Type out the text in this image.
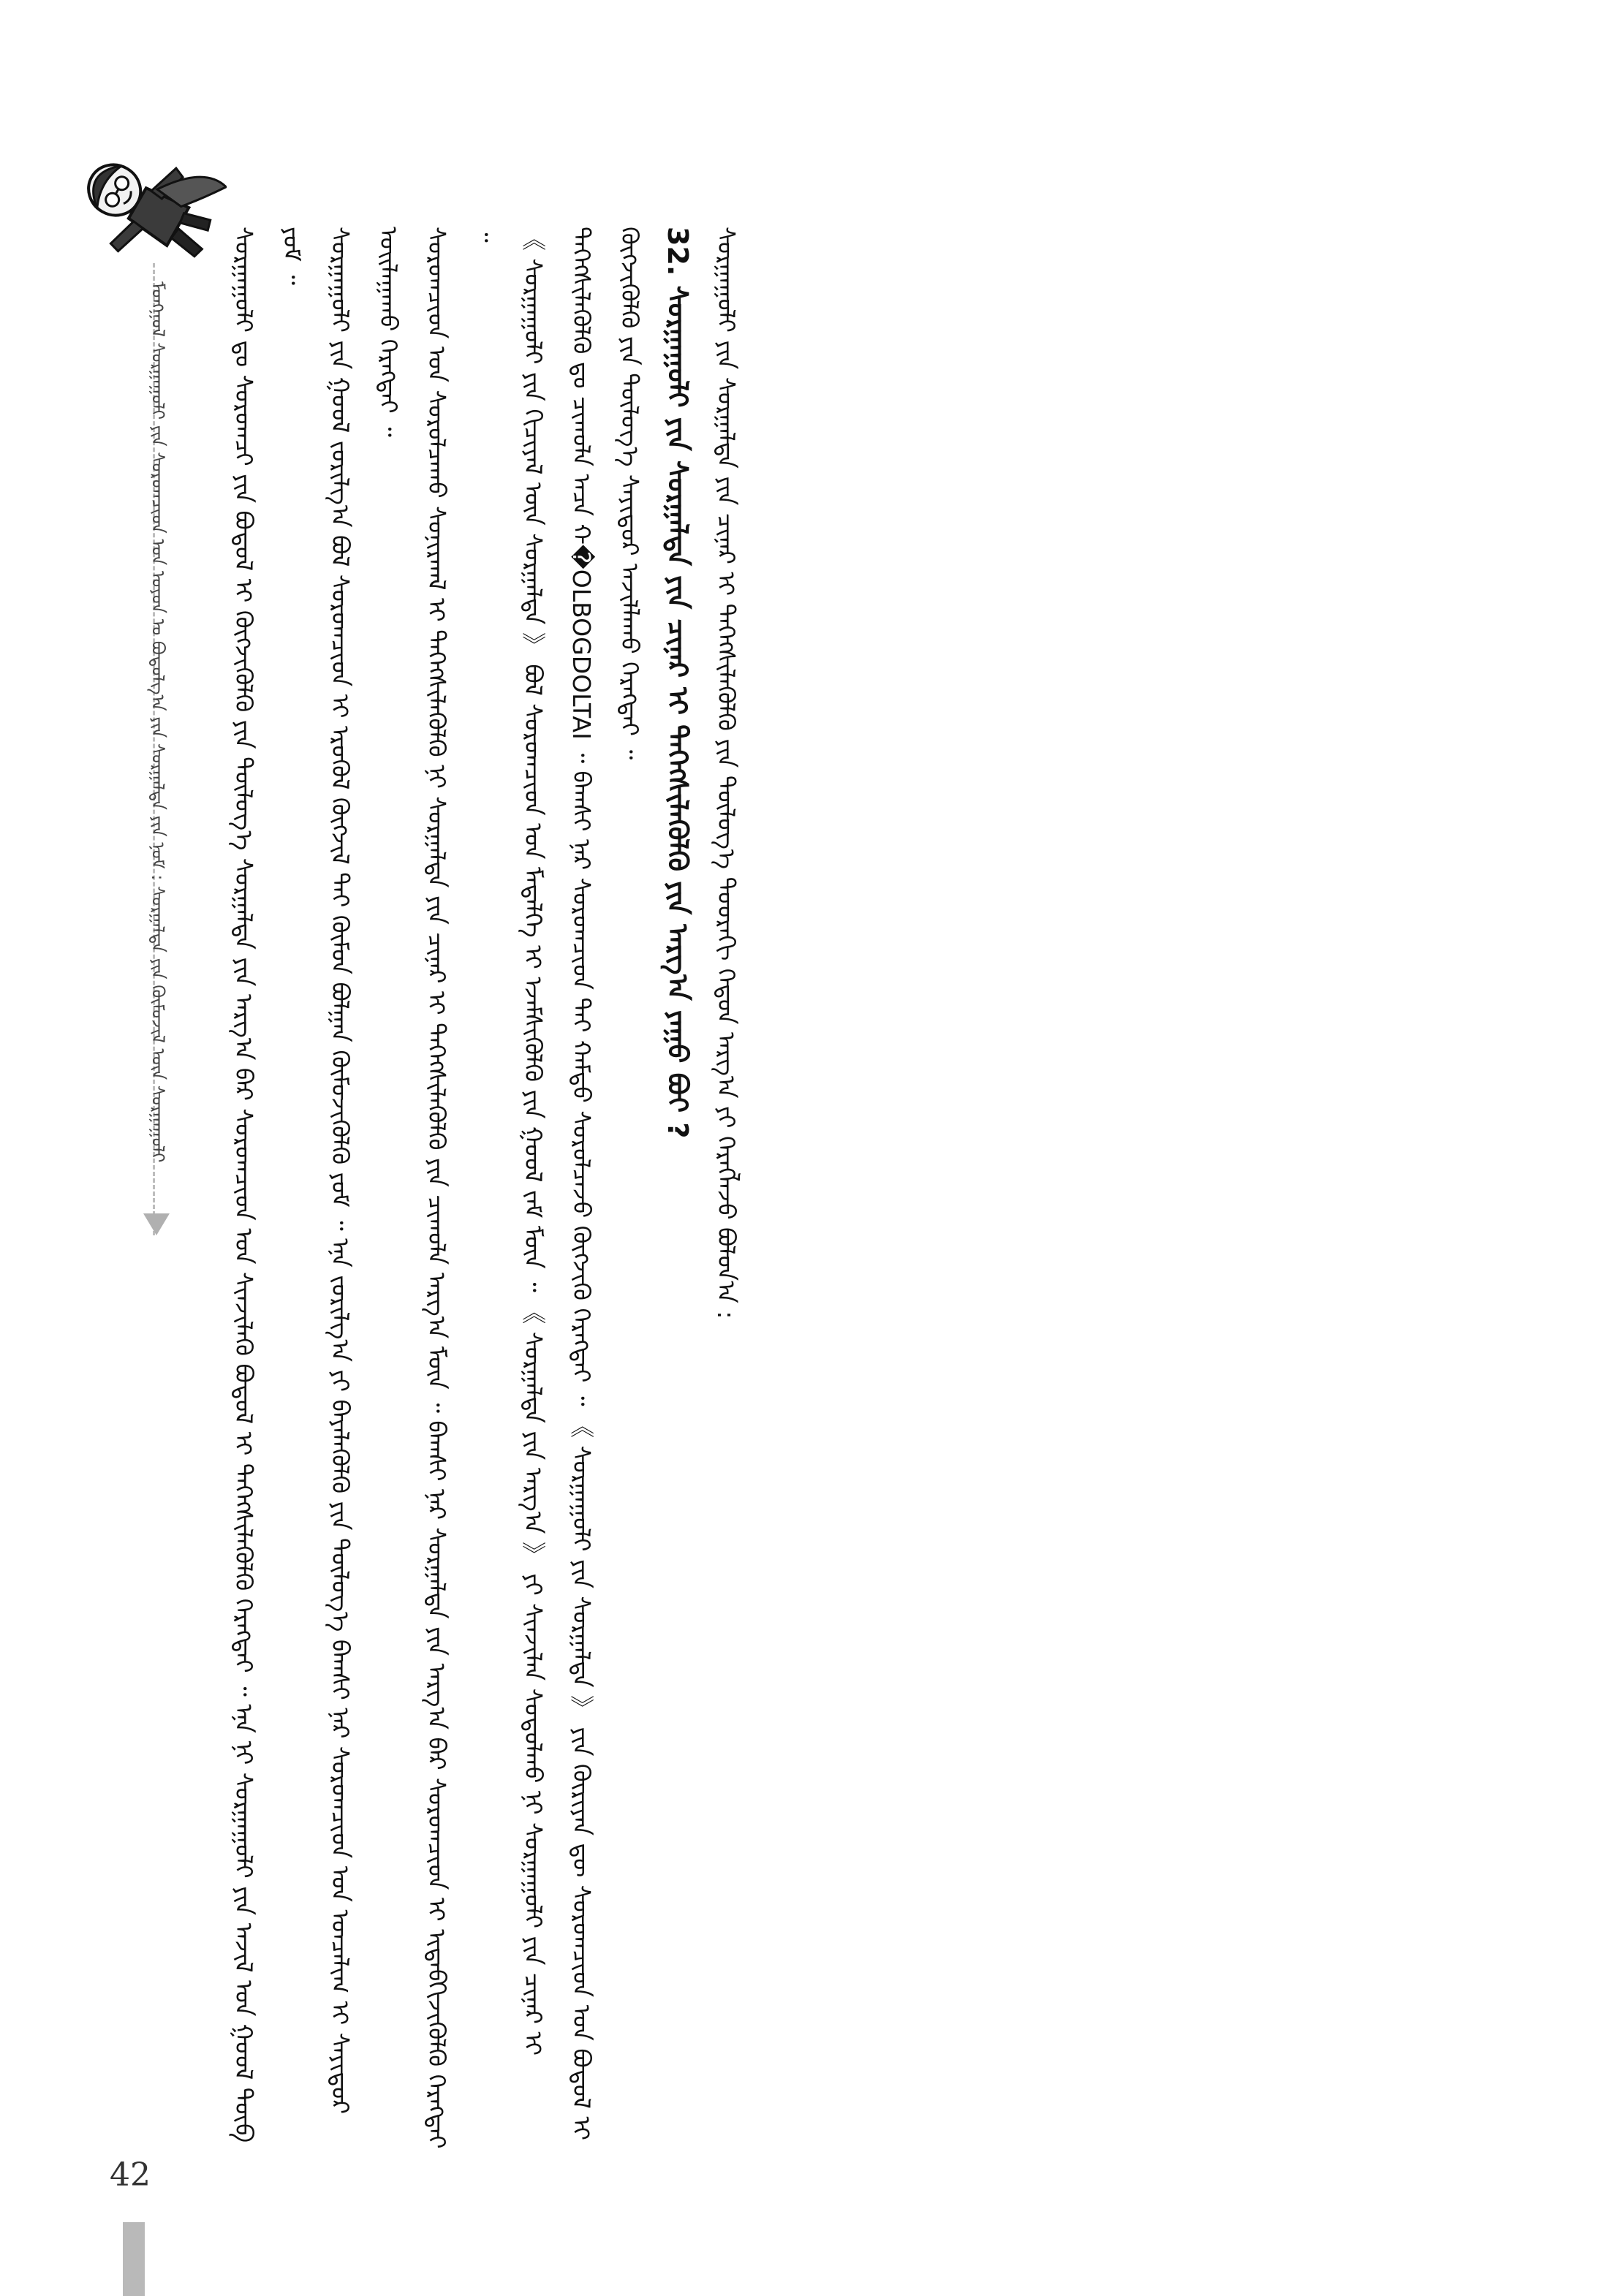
ᠮᠣᠩᠭᠣᠯ ᠰᠤᠷᠭᠠᠭᠤᠯᠢ ᠶᠢᠨ ᠰᠤᠷᠤᠭᠴᠢᠳ ᠤᠨ ᠣᠶᠤᠨ ᠤ ᠪᠣᠳᠤᠯᠭ᠎ᠠ ᠶᠢᠨ ᠰᠤᠷᠭᠠᠯᠲᠠ ᠶᠢᠨ ᠨᠣᠮ : ᠰᠤᠷᠭᠠᠯᠲᠠ ᠶᠢᠨ ᠬᠦᠮᠦᠵᠢᠯ ᠦᠨ ᠰᠤᠷᠭᠠᠭᠤᠯᠢ	ᠰᠤᠷᠭᠠᠭᠤᠯᠢ ᠳᠤ ᠰᠤᠷᠤᠭᠴᠢ ᠶᠢᠨ ᠪᠣᠳᠤᠯ ᠢ ᠬᠥᠭᠵᠢᠭᠦᠯᠬᠦ ᠶᠢᠨ ᠲᠥᠯᠥᠭ᠎ᠡ ᠰᠤᠷᠭᠠᠯᠲᠠ ᠶᠢᠨ ᠠᠷᠭ᠎ᠠ ᠪᠠᠷ ᠰᠤᠷᠤᠭᠴᠢᠳ ᠤᠨ ᠰᠢᠨᠵᠢᠯᠡᠬᠦ ᠪᠣᠳᠤᠯ ᠢ ᠳᠡᠭᠡᠭᠰᠢᠯᠡᠭᠦᠯᠬᠦ ᠬᠡᠷᠡᠭᠲᠡᠶ ᠃ ᠡᠨᠡ ᠨᠢ ᠰᠤᠷᠭᠠᠭᠤᠯᠢ ᠶᠢᠨ ᠠᠵᠢᠯ ᠤᠨ ᠭᠣᠣᠯ ᠲᠥᠪ ᠶᠤᠮ ᠃ ᠰᠤᠷᠭᠠᠭᠤᠯᠢ ᠶᠢᠨ ᠭᠣᠣᠯ ᠵᠣᠷᠢᠯᠭ᠎ᠠ ᠪᠣᠯ ᠰᠤᠷᠤᠭᠴᠢᠳ ᠢ ᠡᠷᠦᠭᠦᠯ ᠬᠥᠭᠵᠢᠯ ᠲᠡᠢ ᠬᠦᠮᠦᠨ ᠪᠣᠯᠭᠠᠨ ᠬᠥᠮᠦᠵᠢᠭᠦᠯᠬᠦ ᠶᠤᠮ ᠃ ᠡᠨᠡ ᠵᠣᠷᠢᠯᠭ᠎ᠠ ᠶᠢ ᠪᠡᠶᠡᠯᠡᠭᠦᠯᠬᠦ ᠶᠢᠨ ᠲᠥᠯᠥᠭ᠎ᠡ ᠪᠠᠭᠰᠢ ᠨᠠᠷ ᠰᠤᠷᠤᠭᠴᠢᠳ ᠤᠨ ᠣᠨᠴᠠᠯᠢᠭ ᠢ ᠰᠠᠶᠢᠲᠤᠷ ᠣᠢᠯᠠᠭᠠᠬᠤ ᠬᠡᠷᠡᠭᠲᠡᠶ ᠃ ᠰᠤᠷᠤᠭᠴᠢᠳ ᠤᠨ ᠰᠤᠷᠤᠯᠴᠠᠬᠤ ᠰᠣᠨᠢᠷᠬᠠᠯ ᠢ ᠳᠡᠭᠡᠭᠰᠢᠯᠡᠭᠦᠯᠬᠦ ᠨᠢ ᠰᠤᠷᠭᠠᠯᠲᠠ ᠶᠢᠨ ᠴᠢᠨᠠᠷ ᠢ ᠳᠡᠭᠡᠭᠰᠢᠯᠡᠭᠦᠯᠬᠦ ᠶᠢᠨ ᠴᠢᠬᠤᠯᠠ ᠠᠷᠭ᠎ᠠ ᠮᠥᠨ ᠃ ᠪᠠᠭᠰᠢ ᠨᠠᠷ ᠰᠤᠷᠭᠠᠯᠲᠠ ᠶᠢᠨ ᠠᠷᠭ᠎ᠠ ᠪᠠᠷ ᠰᠤᠷᠤᠭᠴᠢᠳ ᠢ ᠢᠳᠡᠪᠬᠢᠵᠢᠭᠦᠯᠬᠦ ᠬᠡᠷᠡᠭᠲᠡᠶ ᠃ 《 ᠰᠤᠷᠭᠠᠭᠤᠯᠢ ᠶᠢᠨ ᠬᠢᠴᠢᠶᠡᠯ ᠦᠨ ᠰᠤᠷᠭᠠᠯᠲᠠ 》 ᠪᠣᠯ ᠰᠤᠷᠤᠭᠴᠢᠳ ᠤᠨ ᠮᠡᠳᠡᠯᠭᠡ ᠢ ᠡᠵᠡᠮᠰᠢᠭᠦᠯᠬᠦ ᠶᠢᠨ ᠭᠣᠣᠯ ᠵᠠᠮ ᠮᠥᠨ ᠃ 《 ᠰᠤᠷᠭᠠᠯᠲᠠ ᠶᠢᠨ ᠠᠷᠭ᠎ᠠ 》 ᠶᠢ ᠰᠢᠨᠵᠢᠯᠡᠨ ᠰᠤᠳᠤᠯᠬᠤ ᠨᠢ ᠰᠤᠷᠭᠠᠭᠤᠯᠢ ᠶᠢᠨ ᠴᠢᠨᠠᠷ ᠢ ᠳᠡᠭᠡᠭᠰᠢᠯᠡᠭᠦᠯᠬᠦ ᠳᠤ ᠴᠢᠬᠤᠯᠠ ᠠᠴᠠ ᠬ�OLBOGDOLTAI ᠃ ᠪᠠᠭᠰᠢ ᠨᠠᠷ ᠰᠤᠷᠤᠭᠴᠢᠳ ᠲᠠᠢ ᠬᠠᠮᠲᠤ ᠰᠤᠷᠤᠯᠴᠠᠵᠤ ᠬᠥᠭᠵᠢᠬᠦ ᠬᠡᠷᠡᠭᠲᠡᠶ ᠃ 《 ᠰᠤᠷᠭᠠᠭᠤᠯᠢ ᠶᠢᠨ ᠰᠤᠷᠭᠠᠯᠲᠠ 》 ᠶᠢᠨ ᠬᠦᠷᠢᠶᠡᠨ ᠳᠦ ᠰᠤᠷᠤᠭᠴᠢᠳ ᠤᠨ ᠪᠣᠳᠤᠯ ᠢ ᠬᠥᠭᠵᠢᠭᠦᠯᠬᠦ ᠶᠢᠨ ᠲᠥᠯᠥᠭ᠎ᠡ ᠰᠠᠶᠢᠲᠤᠷ ᠠᠵᠢᠯᠯᠠᠬᠤ ᠬᠡᠷᠡᠭᠲᠡᠶ ᠃ 32. ᠰᠤᠷᠭᠠᠭᠤᠯᠢ ᠶᠢᠨ ᠰᠤᠷᠭᠠᠯᠲᠠ ᠶᠢᠨ ᠴᠢᠨᠠᠷ ᠢ ᠳᠡᠭᠡᠭᠰᠢᠯᠡᠭᠦᠯᠬᠦ ᠶᠢᠨ ᠠᠷᠭ᠎ᠠ ᠶᠠᠭᠤ ᠪᠤᠢ ? ᠰᠤᠷᠭᠠᠭᠤᠯᠢ ᠶᠢᠨ ᠰᠤᠷᠭᠠᠯᠲᠠ ᠶᠢᠨ ᠴᠢᠨᠠᠷ ᠢ ᠳᠡᠭᠡᠭᠰᠢᠯᠡᠭᠦᠯᠬᠦ ᠶᠢᠨ ᠲᠥᠯᠥᠭ᠎ᠡ ᠳᠣᠣᠷᠠᠬᠢ ᠬᠡᠳᠦᠨ ᠠᠷᠭ᠎ᠠ ᠶᠢ ᠬᠡᠷᠡᠭᠯᠡᠵᠦ ᠪᠣᠯᠣᠨ᠎ᠠ :

42
